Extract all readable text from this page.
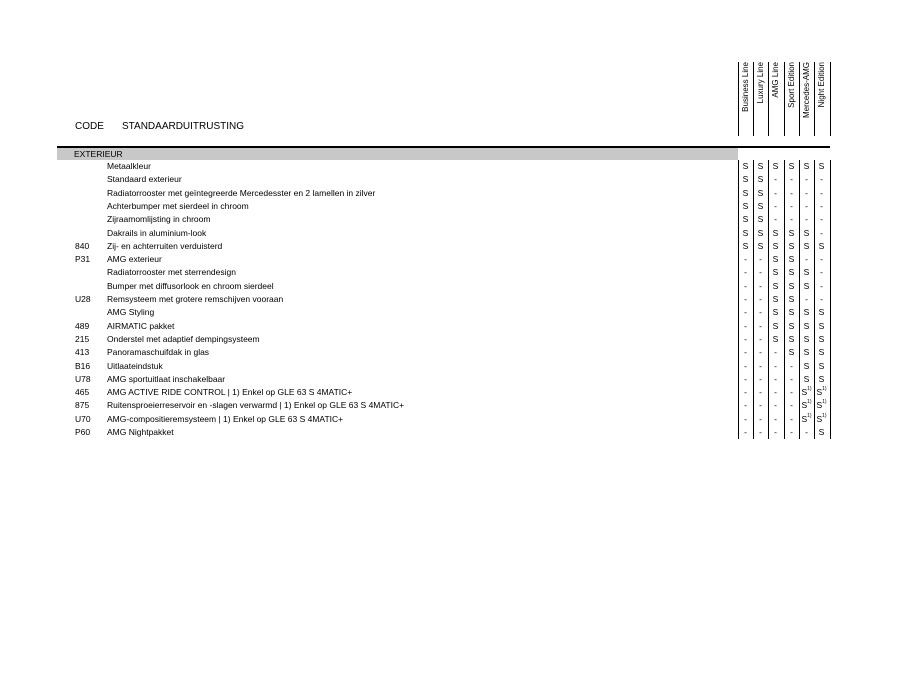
CODE STANDAARDUITRUSTING
Business Line Luxury Line AMG Line Sport Edition Mercedes-AMG Night Edition
EXTERIEUR
Metaalkleur	S	S	S	S	S	S
Standaard exterieur	S	S	-	-	-	-
Radiatorrooster met geïntegreerde Mercedesster en 2 lamellen in zilver	S	S	-	-	-	-
Achterbumper met sierdeel in chroom	S	S	-	-	-	-
Zijraamomlijsting in chroom	S	S	-	-	-	-
Dakrails in aluminium-look	S	S	S	S	S	-
840 Zij- en achterruiten verduisterd	S	S	S	S	S	S
P31 AMG exterieur	-	-	S	S	-	-
Radiatorrooster met sterrendesign	-	-	S	S	S	-
Bumper met diffusorlook en chroom sierdeel	-	-	S	S	S	-
U28 Remsysteem met grotere remschijven vooraan	-	-	S	S	-	-
AMG Styling	-	-	S	S	S	S
489 AIRMATIC pakket	-	-	S	S	S	S
215 Onderstel met adaptief dempingsysteem	-	-	S	S	S	S
413 Panoramaschuifdak in glas	-	-	-	S	S	S
B16 Uitlaateindstuk	-	-	-	-	S	S
U78 AMG sportuitlaat inschakelbaar	-	-	-	-	S	S
465 AMG ACTIVE RIDE CONTROL | 1) Enkel op GLE 63 S 4MATIC+	-	-	-	-	$S^{1)}$ $S^{1)}$
875 Ruitensproeierreservoir en -slagen verwarmd | 1) Enkel op GLE 63 S 4MATIC+	-	-	-	-	$S^{1)}$ $S^{1)}$
U70 AMG-compositieremsysteem | 1) Enkel op GLE 63 S 4MATIC+	-	-	-	-	$S^{1)}$ $S^{1)}$
P60 AMG Nightpakket	-	-	-	-	-	S
